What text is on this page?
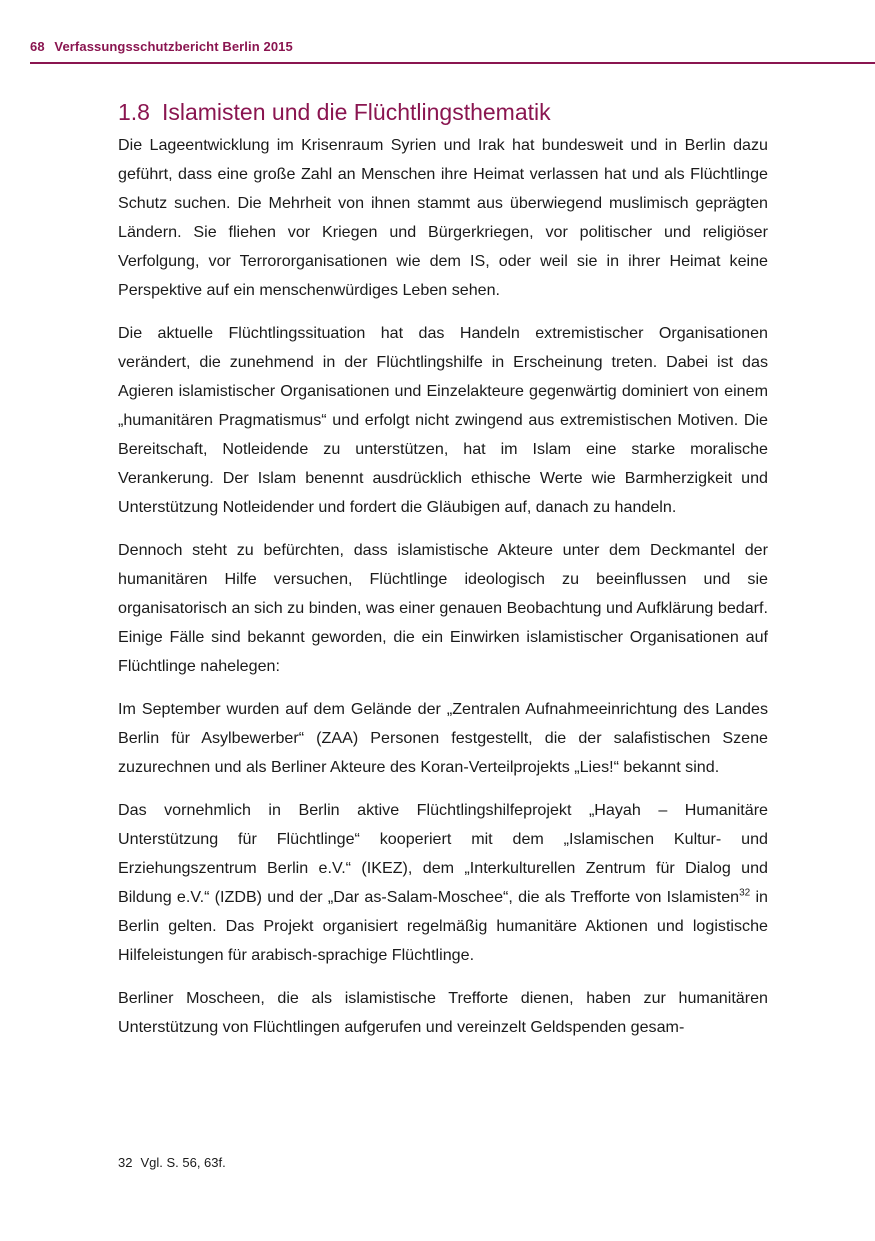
68 Verfassungsschutzbericht Berlin 2015
1.8 Islamisten und die Flüchtlingsthematik

Die Lageentwicklung im Krisenraum Syrien und Irak hat bundesweit und in Berlin dazu geführt, dass eine große Zahl an Menschen ihre Heimat verlassen hat und als Flüchtlinge Schutz suchen. Die Mehrheit von ihnen stammt aus überwiegend muslimisch geprägten Ländern. Sie fliehen vor Kriegen und Bürgerkriegen, vor politischer und religiöser Verfolgung, vor Terrororganisationen wie dem IS, oder weil sie in ihrer Heimat keine Perspektive auf ein menschenwürdiges Leben sehen.

Die aktuelle Flüchtlingssituation hat das Handeln extremistischer Organisationen verändert, die zunehmend in der Flüchtlingshilfe in Erscheinung treten. Dabei ist das Agieren islamistischer Organisationen und Einzelakteure gegenwärtig dominiert von einem „humanitären Pragmatismus“ und erfolgt nicht zwingend aus extremistischen Motiven. Die Bereitschaft, Notleidende zu unterstützen, hat im Islam eine starke moralische Verankerung. Der Islam benennt ausdrücklich ethische Werte wie Barmherzigkeit und Unterstützung Notleidender und fordert die Gläubigen auf, danach zu handeln.

Dennoch steht zu befürchten, dass islamistische Akteure unter dem Deckmantel der humanitären Hilfe versuchen, Flüchtlinge ideologisch zu beeinflussen und sie organisatorisch an sich zu binden, was einer genauen Beobachtung und Aufklärung bedarf. Einige Fälle sind bekannt geworden, die ein Einwirken islamistischer Organisationen auf Flüchtlinge nahelegen:

Im September wurden auf dem Gelände der „Zentralen Aufnahmeeinrichtung des Landes Berlin für Asylbewerber“ (ZAA) Personen festgestellt, die der salafistischen Szene zuzurechnen und als Berliner Akteure des Koran-Verteilprojekts „Lies!“ bekannt sind.

Das vornehmlich in Berlin aktive Flüchtlingshilfeprojekt „Hayah – Humanitäre Unterstützung für Flüchtlinge“ kooperiert mit dem „Islamischen Kultur- und Erziehungszentrum Berlin e.V.“ (IKEZ), dem „Interkulturellen Zentrum für Dialog und Bildung e.V.“ (IZDB) und der „Dar as-Salam-Moschee“, die als Trefforte von Islamisten$^{32}$ in Berlin gelten. Das Projekt organisiert regelmäßig humanitäre Aktionen und logistische Hilfeleistungen für arabisch-sprachige Flüchtlinge.

Berliner Moscheen, die als islamistische Trefforte dienen, haben zur humanitären Unterstützung von Flüchtlingen aufgerufen und vereinzelt Geldspenden gesam-

32 Vgl. S. 56, 63f.
